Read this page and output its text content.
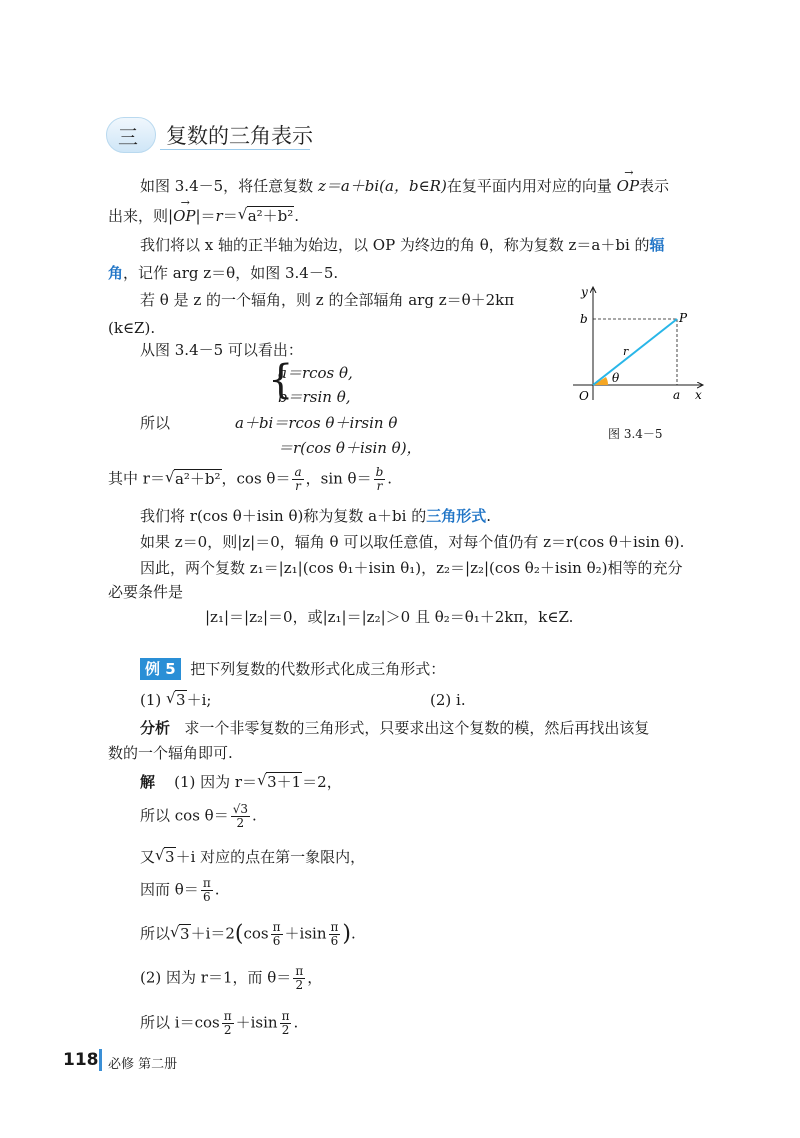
三 复数的三角表示
如图 3.4－5，将任意复数 z＝a＋bi(a，b∈R)在复平面内用对应的向量 OP →表示
出来，则|OP →|＝r＝ √ a²＋b².
我们将以 x 轴的正半轴为始边，以 OP 为终边的角 θ，称为复数 z＝a＋bi 的辐
角，记作 arg z＝θ，如图 3.4－5.
若 θ 是 z 的一个辐角，则 z 的全部辐角 arg z＝θ＋2kπ
(k∈Z).
从图 3.4－5 可以看出：
{
a＝rcos θ,
b＝rsin θ,
所以	a＋bi＝rcos θ＋irsin θ
＝r(cos θ＋isin θ)，
其中 r＝ √ a²＋b²，$\cos \theta= \frac{a}{r}$ ，$\sin \theta= \frac{b}{r}$ .
我们将 r(cos θ＋isin θ)称为复数 a＋bi 的三角形式.
如果 z＝0，则|z|＝0，辐角 θ 可以取任意值，对每个值仍有 z＝r(cos θ＋isin θ).
因此，两个复数 z₁＝|z₁|(cos θ₁＋isin θ₁)，z₂＝|z₂|(cos θ₂＋isin θ₂)相等的充分
必要条件是
|z₁|＝|z₂|＝0，或|z₁|＝|z₂|＞0 且 θ₂＝θ₁＋2kπ，k∈Z.
y
b	P
r
θ
O	a x
图 3.4－5
例 5 把下列复数的代数形式化成三角形式：
(1) √ 3＋i;	(2) i.
分析 求一个非零复数的三角形式，只要求出这个复数的模，然后再找出该复
数的一个辐角即可.
解 (1) 因为 r＝ √ 3＋1＝2，
所以 $\cos \theta= \frac{√3}{2}$ .
又 √ 3＋i 对应的点在第一象限内，
因而 $\theta= \frac{\pi}{6}$ .
所以 √ $3+i=2(\cos \frac{\pi}{6} +isin \frac{\pi}{6}$ ).
(2) 因为 r＝1，而 $\theta= \frac{\pi}{2}$ ，
所以 $i=\cos \frac{\pi}{2} +isin \frac{\pi}{2}$ .
118 必修 第二册
